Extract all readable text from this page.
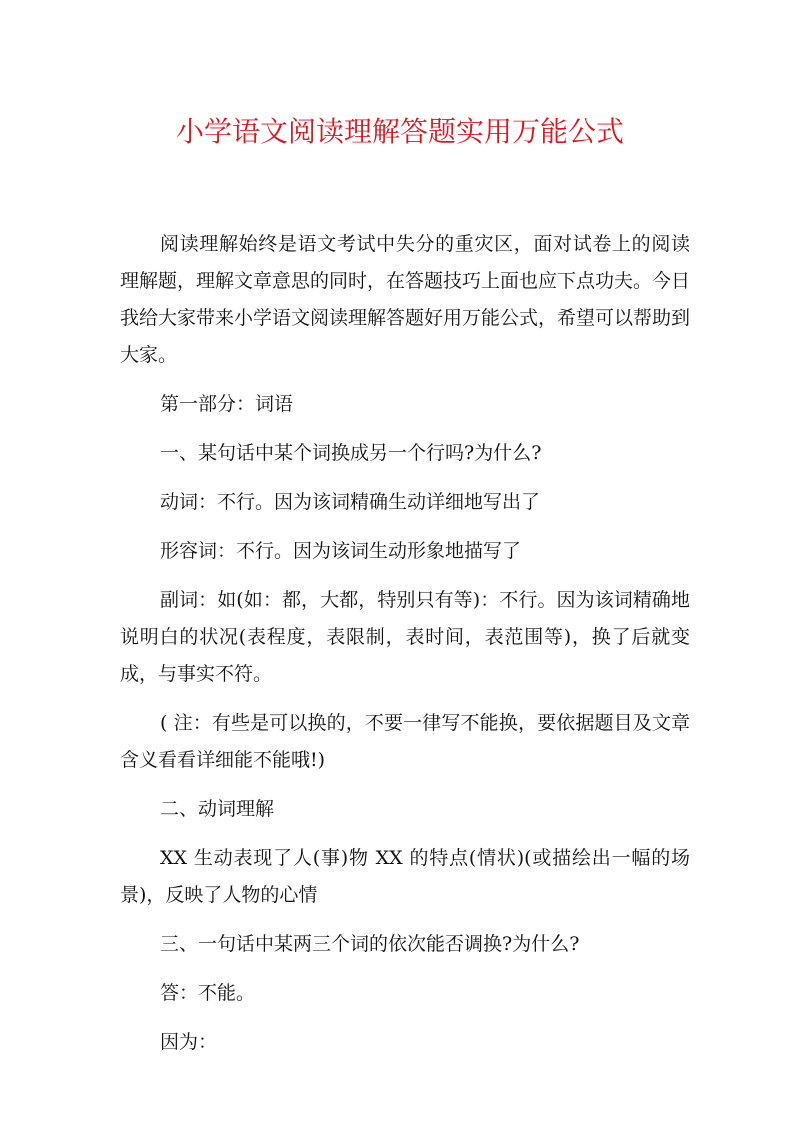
小学语文阅读理解答题实用万能公式

阅读理解始终是语文考试中失分的重灾区，面对试卷上的阅读理解题，理解文章意思的同时，在答题技巧上面也应下点功夫。今日我给大家带来小学语文阅读理解答题好用万能公式，希望可以帮助到大家。

第一部分：词语

一、某句话中某个词换成另一个行吗?为什么?

动词：不行。因为该词精确生动详细地写出了

形容词：不行。因为该词生动形象地描写了

副词：如(如：都，大都，特别只有等)：不行。因为该词精确地说明白的状况(表程度，表限制，表时间，表范围等)，换了后就变成，与事实不符。

( 注：有些是可以换的，不要一律写不能换，要依据题目及文章含义看看详细能不能哦!)

二、动词理解

XX 生动表现了人(事)物 XX 的特点(情状)(或描绘出一幅的场景)，反映了人物的心情

三、一句话中某两三个词的依次能否调换?为什么?

答：不能。

因为：
